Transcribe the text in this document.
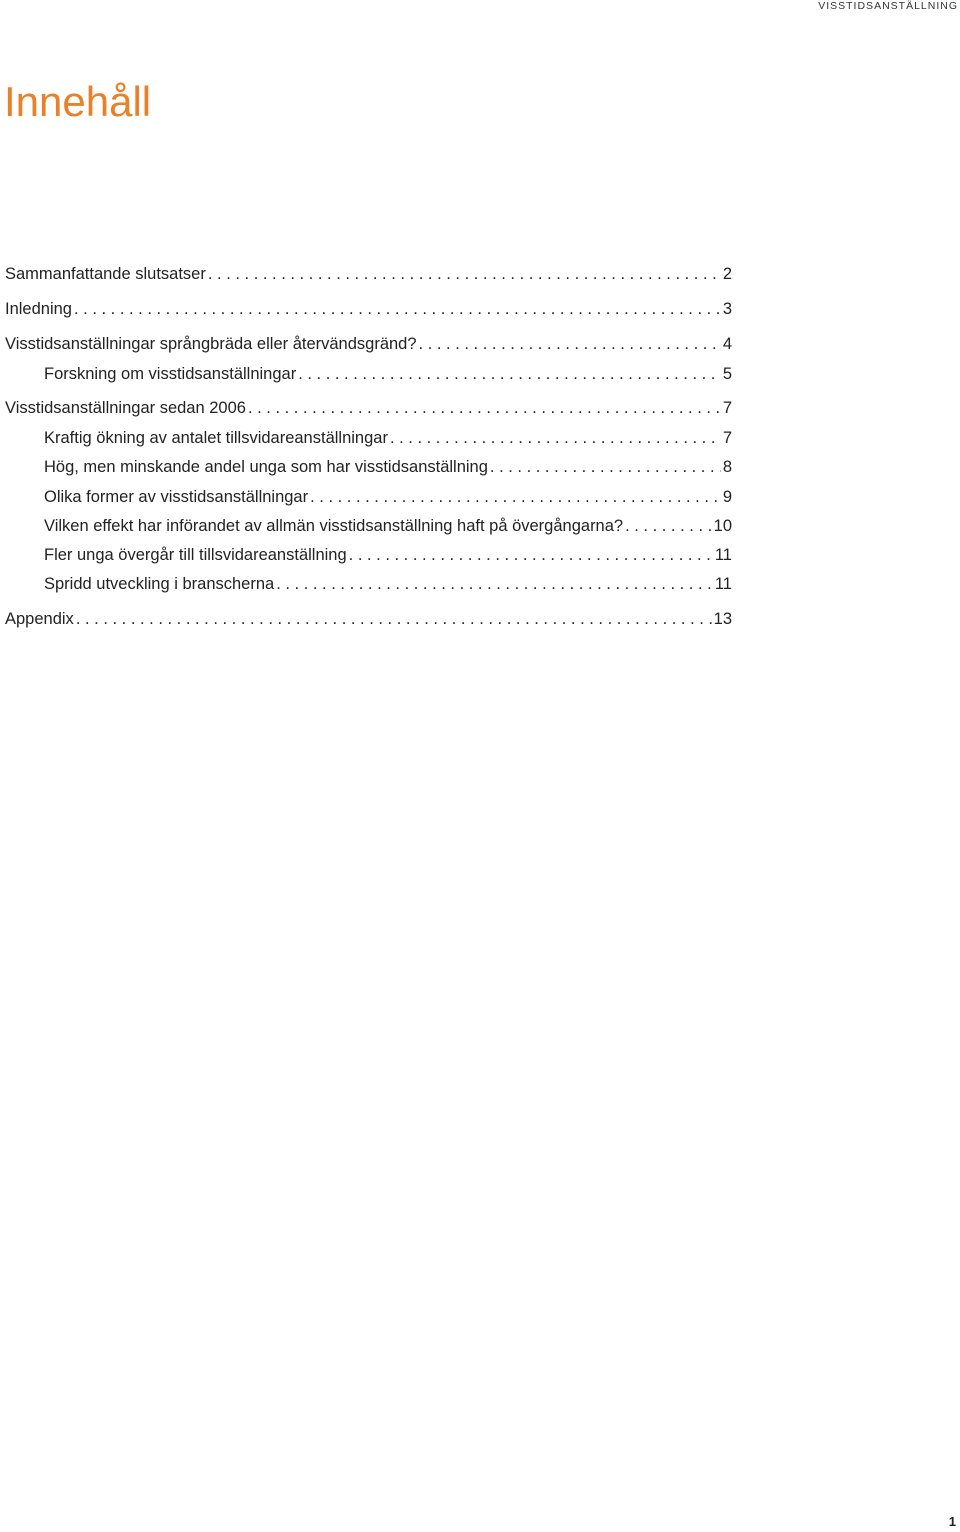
VISSTIDSANSTÄLLNING
Innehåll
Sammanfattande slutsatser . . .	2
Inledning . . .	3
Visstidsanställningar språngbräda eller återvändsgränd? . . .	4
Forskning om visstidsanställningar . . .	5
Visstidsanställningar sedan 2006 . . .	7
Kraftig ökning av antalet tillsvidareanställningar . . .	7
Hög, men minskande andel unga som har visstidsanställning . . .	8
Olika former av visstidsanställningar . . .	9
Vilken effekt har införandet av allmän visstidsanställning haft på övergångarna? . . .	10
Fler unga övergår till tillsvidareanställning . . .	11
Spridd utveckling i branscherna . . .	11
Appendix . . .	13
1
